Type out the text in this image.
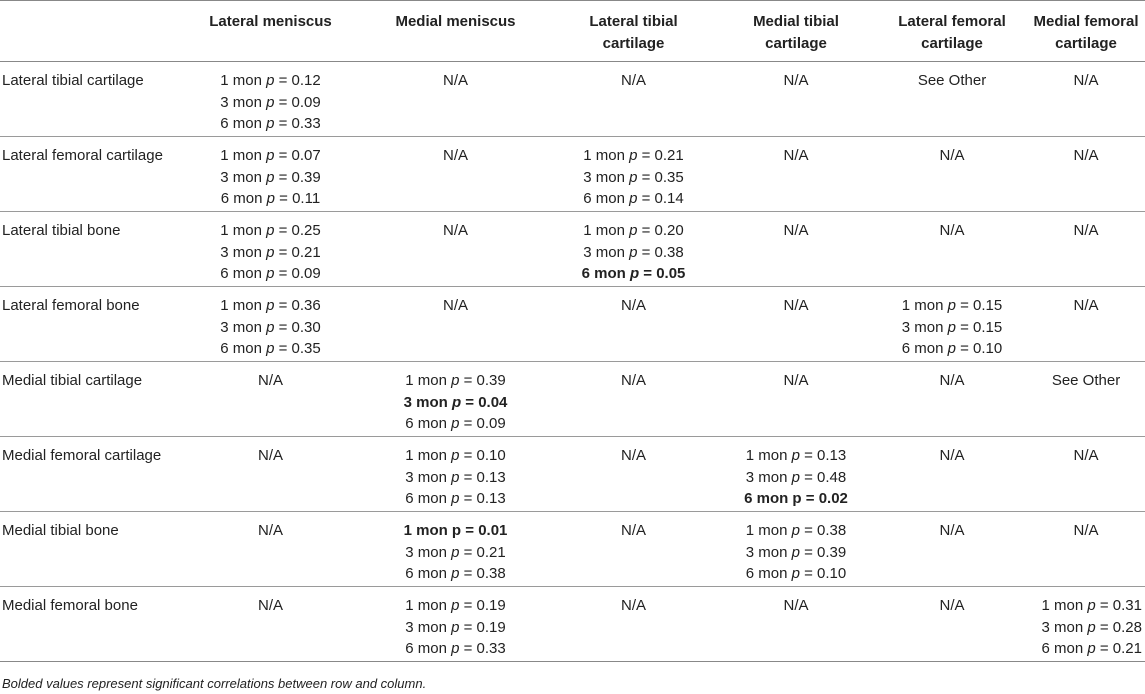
	Lateral meniscus	Medial meniscus	Lateral tibial
cartilage	Medial tibial
cartilage	Lateral femoral
cartilage	Medial femoral
cartilage

Lateral tibial cartilage	1 mon p = 0.12
3 mon p = 0.09
6 mon p = 0.33	N/A	N/A	N/A	See Other	N/A
Lateral femoral cartilage	1 mon p = 0.07
3 mon p = 0.39
6 mon p = 0.11	N/A	1 mon p = 0.21
3 mon p = 0.35
6 mon p = 0.14	N/A	N/A	N/A
Lateral tibial bone	1 mon p = 0.25
3 mon p = 0.21
6 mon p = 0.09	N/A	1 mon p = 0.20
3 mon p = 0.38
6 mon p = 0.05	N/A	N/A	N/A
Lateral femoral bone	1 mon p = 0.36
3 mon p = 0.30
6 mon p = 0.35	N/A	N/A	N/A	1 mon p = 0.15
3 mon p = 0.15
6 mon p = 0.10	N/A
Medial tibial cartilage	N/A	1 mon p = 0.39
3 mon p = 0.04
6 mon p = 0.09	N/A	N/A	N/A	See Other
Medial femoral cartilage	N/A	1 mon p = 0.10
3 mon p = 0.13
6 mon p = 0.13	N/A	1 mon p = 0.13
3 mon p = 0.48
6 mon p = 0.02	N/A	N/A
Medial tibial bone	N/A	1 mon p = 0.01
3 mon p = 0.21
6 mon p = 0.38	N/A	1 mon p = 0.38
3 mon p = 0.39
6 mon p = 0.10	N/A	N/A
Medial femoral bone	N/A	1 mon p = 0.19
3 mon p = 0.19
6 mon p = 0.33	N/A	N/A	N/A	1 mon p = 0.31
3 mon p = 0.28
6 mon p = 0.21
Bolded values represent significant correlations between row and column.
